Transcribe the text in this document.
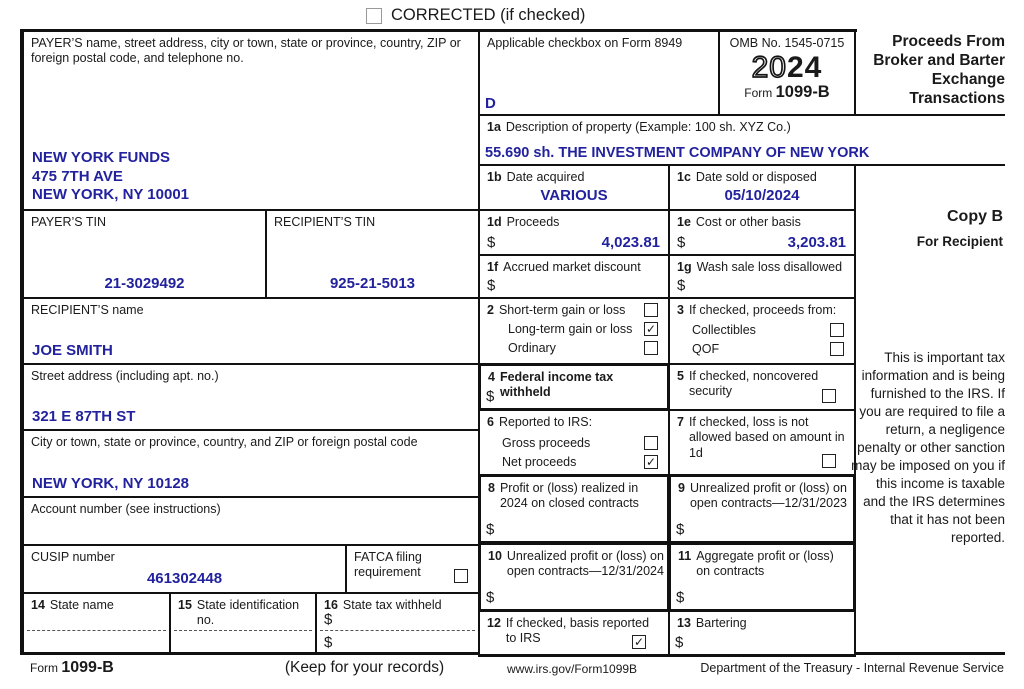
CORRECTED (if checked)
PAYER’S name, street address, city or town, state or province, country, ZIP or foreign postal code, and telephone no.
NEW YORK FUNDS
475 7TH AVE
NEW YORK, NY 10001
PAYER’S TIN
21-3029492
RECIPIENT’S TIN
925-21-5013
RECIPIENT’S name
JOE SMITH
Street address (including apt. no.)
321 E 87TH ST
City or town, state or province, country, and ZIP or foreign postal code
NEW YORK, NY 10128
Account number (see instructions)
CUSIP number
461302448
FATCA filing requirement
14 State name	15 State identification no.
16 State tax withheld
$
$
Applicable checkbox on Form 8949
D
OMB No. 1545-0715
2024
Form 1099-B
1a Description of property (Example: 100 sh. XYZ Co.)
55.690 sh. THE INVESTMENT COMPANY OF NEW YORK
1b Date acquired
VARIOUS
1c Date sold or disposed
05/10/2024
1d Proceeds
$	4,023.81
1e Cost or other basis
$	3,203.81
1f Accrued market discount
$
1g Wash sale loss disallowed
$
2 Short-term gain or loss
Long-term gain or loss ✓
Ordinary
3 If checked, proceeds from:
Collectibles
QOF
4 Federal income tax withheld
$
5 If checked, noncovered security
6 Reported to IRS:
Gross proceeds
Net proceeds	✓
7 If checked, loss is not allowed based on amount in 1d
8 Profit or (loss) realized in 2024 on closed contracts
$
9 Unrealized profit or (loss) on open contracts—12/31/2023
$
10 Unrealized profit or (loss) on open contracts—12/31/2024
$
11 Aggregate profit or (loss) on contracts
$
12 If checked, basis reported to IRS	✓
13 Bartering
$
Proceeds From Broker and Barter Exchange Transactions
Copy B
For Recipient
This is important tax information and is being furnished to the IRS. If you are required to file a return, a negligence penalty or other sanction may be imposed on you if this income is taxable and the IRS determines that it has not been reported.
Form 1099-B	(Keep for your records)	www.irs.gov/Form1099B	Department of the Treasury - Internal Revenue Service
